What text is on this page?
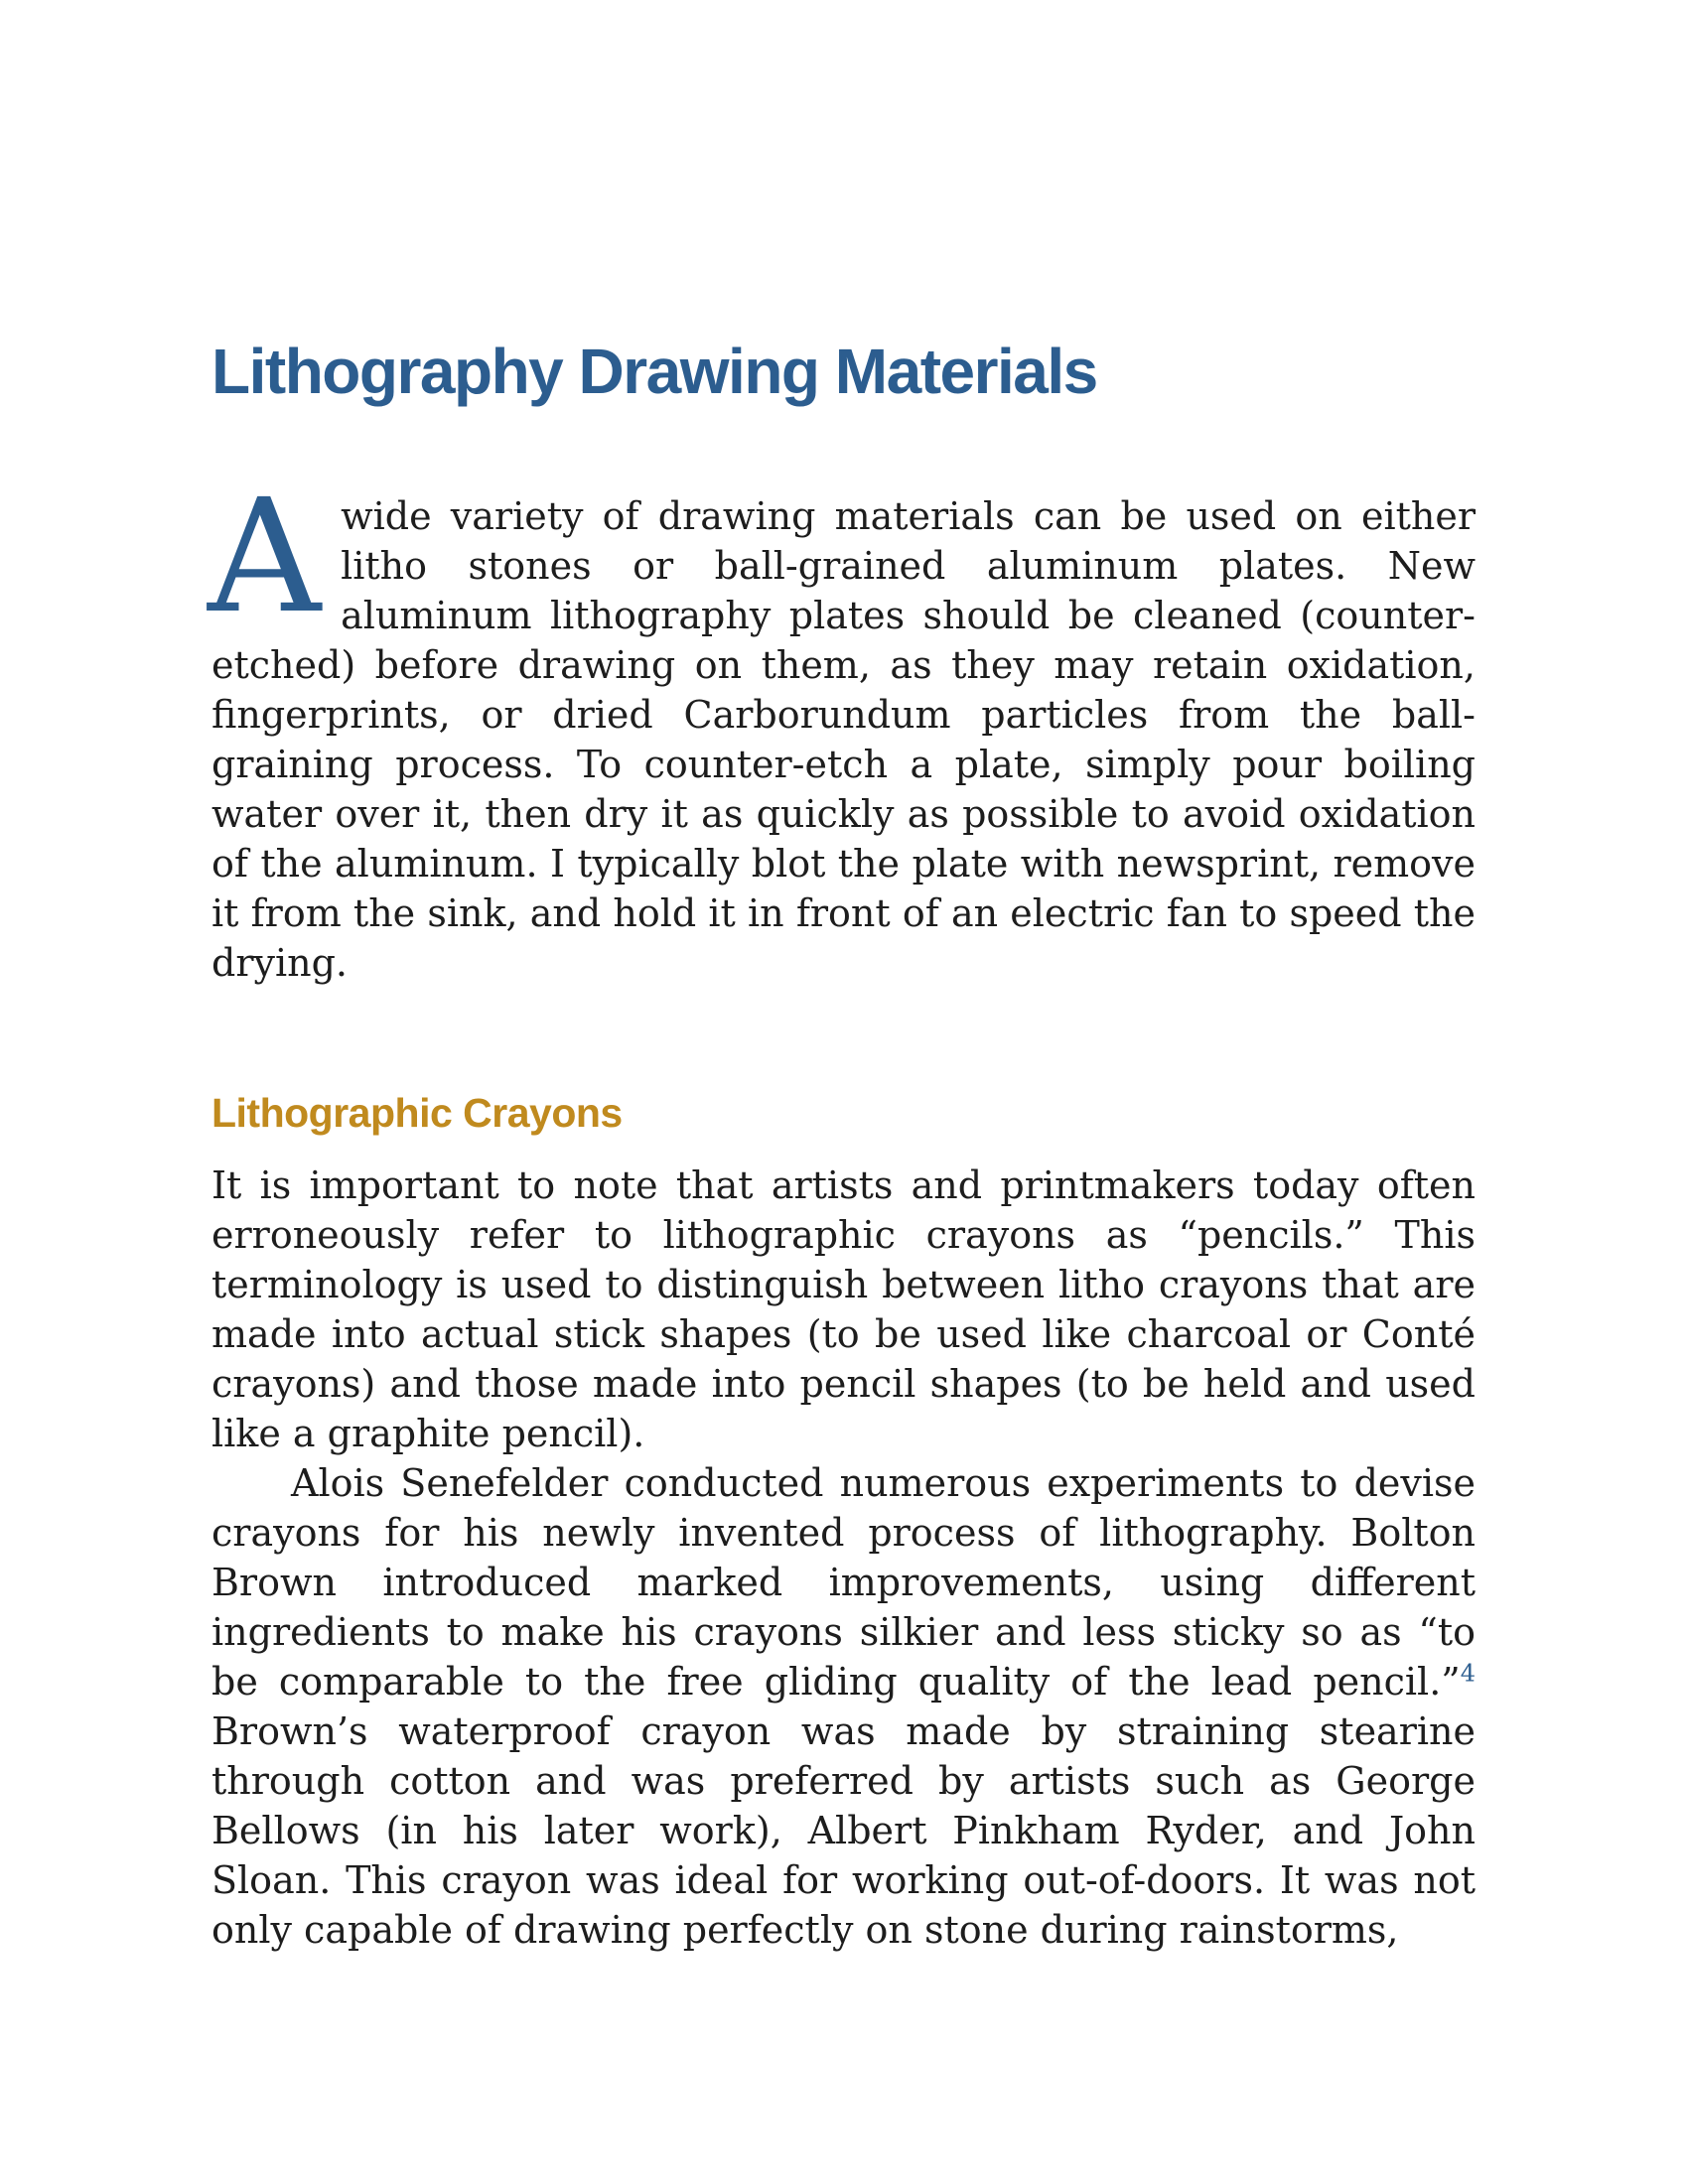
Lithography Drawing Materials

Awide variety of drawing materials can be used on either litho stones or ball-grained aluminum plates. New aluminum lithography plates should be cleaned (counter-etched) before drawing on them, as they may retain oxidation, fingerprints, or dried Carborundum particles from the ball-graining process. To counter-etch a plate, simply pour boiling water over it, then dry it as quickly as possible to avoid oxidation of the aluminum. I typically blot the plate with newsprint, remove it from the sink, and hold it in front of an electric fan to speed the drying.

Lithographic Crayons

It is important to note that artists and printmakers today often erroneously refer to lithographic crayons as “pencils.” This terminology is used to distinguish between litho crayons that are made into actual stick shapes (to be used like charcoal or Conté crayons) and those made into pencil shapes (to be held and used like a graphite pencil).

Alois Senefelder conducted numerous experiments to devise crayons for his newly invented process of lithography. Bolton Brown introduced marked improvements, using different ingredients to make his crayons silkier and less sticky so as “to be comparable to the free gliding quality of the lead pencil.”$^4$ Brown’s waterproof crayon was made by straining stearine through cotton and was preferred by artists such as George Bellows (in his later work), Albert Pinkham Ryder, and John Sloan. This crayon was ideal for working out-of-doors. It was not only capable of drawing perfectly on stone during rainstorms,
